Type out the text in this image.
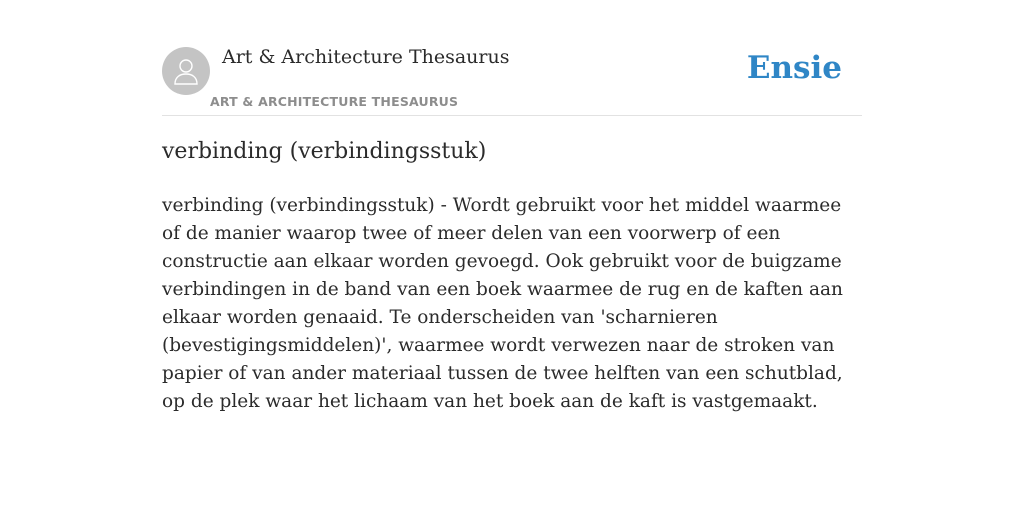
Art & Architecture Thesaurus
ART & ARCHITECTURE THESAURUS
Ensie
verbinding (verbindingsstuk)

verbinding (verbindingsstuk) - Wordt gebruikt voor het middel waarmee of de manier waarop twee of meer delen van een voorwerp of een constructie aan elkaar worden gevoegd. Ook gebruikt voor de buigzame verbindingen in de band van een boek waarmee de rug en de kaften aan elkaar worden genaaid. Te onderscheiden van 'scharnieren (bevestigingsmiddelen)', waarmee wordt verwezen naar de stroken van papier of van ander materiaal tussen de twee helften van een schutblad, op de plek waar het lichaam van het boek aan de kaft is vastgemaakt.
